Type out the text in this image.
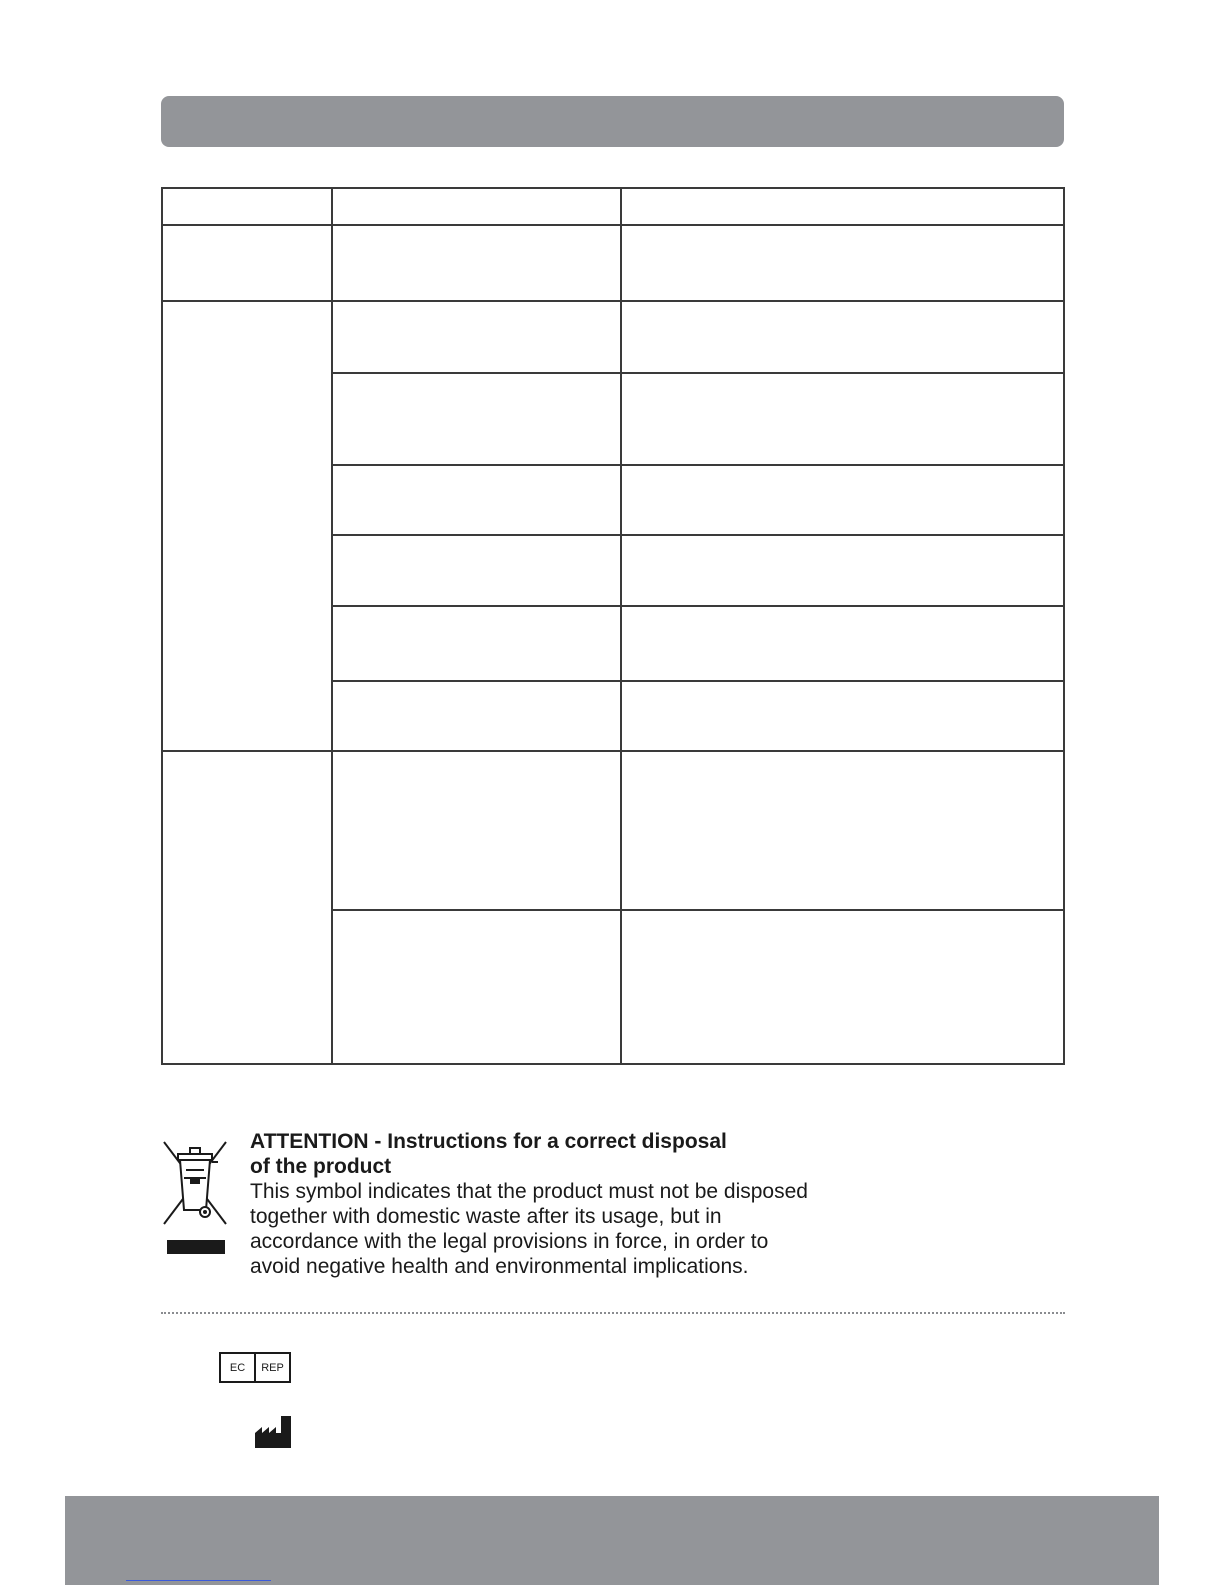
ATTENTION - Instructions for a correct disposal
of the product
This symbol indicates that the product must not be disposed
together with domestic waste after its usage, but in
accordance with the legal provisions in force, in order to
avoid negative health and environmental implications.
EC	REP
